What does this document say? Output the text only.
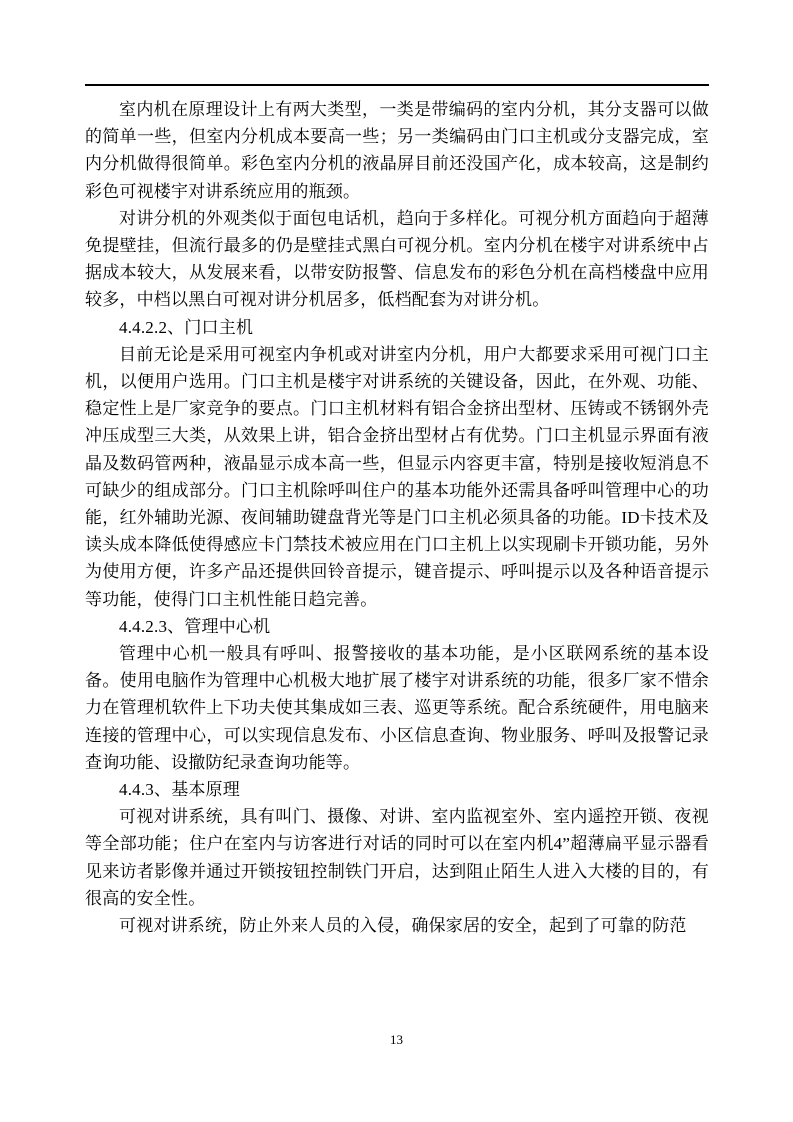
室内机在原理设计上有两大类型，一类是带编码的室内分机，其分支器可以做的简单一些，但室内分机成本要高一些；另一类编码由门口主机或分支器完成，室内分机做得很简单。彩色室内分机的液晶屏目前还没国产化，成本较高，这是制约彩色可视楼宇对讲系统应用的瓶颈。

对讲分机的外观类似于面包电话机，趋向于多样化。可视分机方面趋向于超薄免提壁挂，但流行最多的仍是壁挂式黑白可视分机。室内分机在楼宇对讲系统中占据成本较大，从发展来看，以带安防报警、信息发布的彩色分机在高档楼盘中应用较多，中档以黑白可视对讲分机居多，低档配套为对讲分机。

4.4.2.2、门口主机

目前无论是采用可视室内争机或对讲室内分机，用户大都要求采用可视门口主机，以便用户选用。门口主机是楼宇对讲系统的关键设备，因此，在外观、功能、稳定性上是厂家竞争的要点。门口主机材料有铝合金挤出型材、压铸或不锈钢外壳冲压成型三大类，从效果上讲，铝合金挤出型材占有优势。门口主机显示界面有液晶及数码管两种，液晶显示成本高一些，但显示内容更丰富，特别是接收短消息不可缺少的组成部分。门口主机除呼叫住户的基本功能外还需具备呼叫管理中心的功能，红外辅助光源、夜间辅助键盘背光等是门口主机必须具备的功能。ID卡技术及读头成本降低使得感应卡门禁技术被应用在门口主机上以实现刷卡开锁功能，另外为使用方便，许多产品还提供回铃音提示，键音提示、呼叫提示以及各种语音提示等功能，使得门口主机性能日趋完善。

4.4.2.3、管理中心机

管理中心机一般具有呼叫、报警接收的基本功能，是小区联网系统的基本设备。使用电脑作为管理中心机极大地扩展了楼宇对讲系统的功能，很多厂家不惜余力在管理机软件上下功夫使其集成如三表、巡更等系统。配合系统硬件，用电脑来连接的管理中心，可以实现信息发布、小区信息查询、物业服务、呼叫及报警记录查询功能、设撤防纪录查询功能等。

4.4.3、基本原理

可视对讲系统，具有叫门、摄像、对讲、室内监视室外、室内遥控开锁、夜视等全部功能；住户在室内与访客进行对话的同时可以在室内机4”超薄扁平显示器看见来访者影像并通过开锁按钮控制铁门开启，达到阻止陌生人进入大楼的目的，有很高的安全性。

可视对讲系统，防止外来人员的入侵，确保家居的安全，起到了可靠的防范

13
